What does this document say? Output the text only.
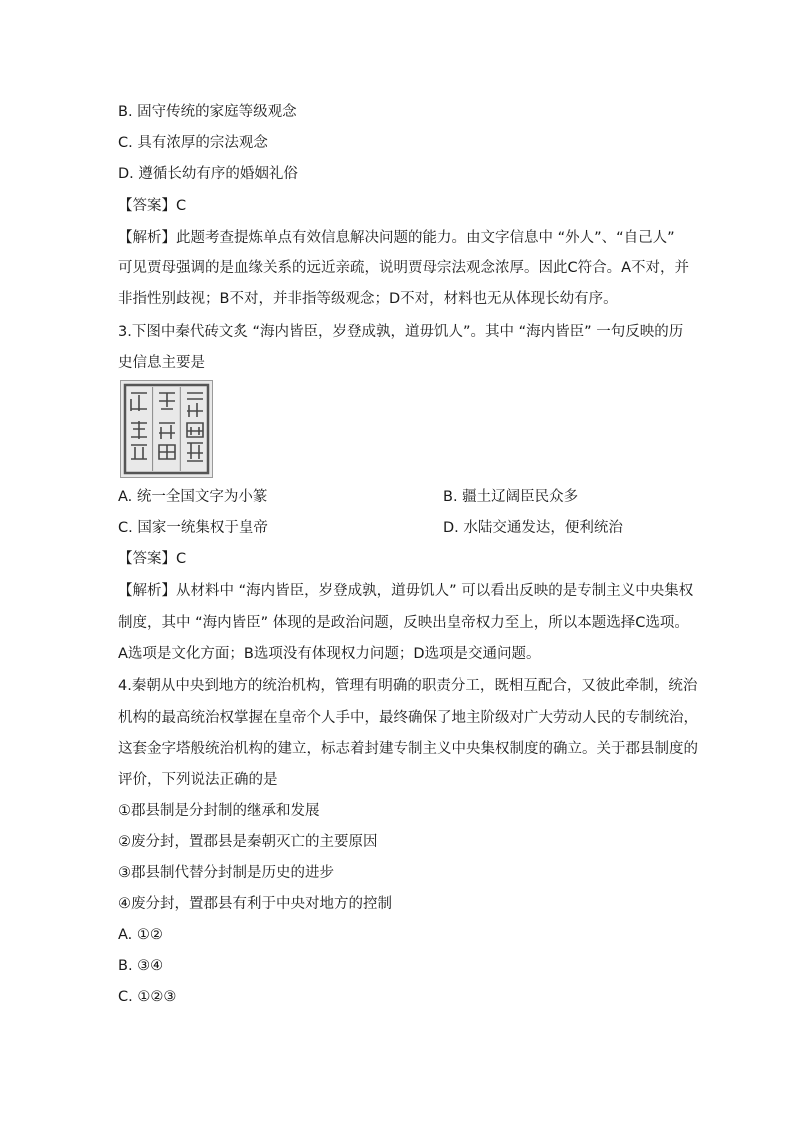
B. 固守传统的家庭等级观念
C. 具有浓厚的宗法观念
D. 遵循长幼有序的婚姻礼俗
【答案】C
【解析】此题考查提炼单点有效信息解决问题的能力。由文字信息中 “外人”、“自己人”
可见贾母强调的是血缘关系的远近亲疏，说明贾母宗法观念浓厚。因此C符合。A不对，并
非指性别歧视；B不对，并非指等级观念；D不对，材料也无从体现长幼有序。
3.下图中秦代砖文炙 “海内皆臣，岁登成孰，道毋饥人”。其中 “海内皆臣” 一句反映的历
史信息主要是
A. 统一全国文字为小篆	B. 疆土辽阔臣民众多
C. 国家一统集权于皇帝	D. 水陆交通发达，便利统治
【答案】C
【解析】从材料中 “海内皆臣，岁登成孰，道毋饥人” 可以看出反映的是专制主义中央集权
制度，其中 “海内皆臣” 体现的是政治问题，反映出皇帝权力至上，所以本题选择C选项。
A选项是文化方面；B选项没有体现权力问题；D选项是交通问题。
4.秦朝从中央到地方的统治机构，管理有明确的职责分工，既相互配合，又彼此牵制，统治
机构的最高统治权掌握在皇帝个人手中，最终确保了地主阶级对广大劳动人民的专制统治，
这套金字塔般统治机构的建立，标志着封建专制主义中央集权制度的确立。关于郡县制度的
评价，下列说法正确的是
①郡县制是分封制的继承和发展
②废分封，置郡县是秦朝灭亡的主要原因
③郡县制代替分封制是历史的进步
④废分封，置郡县有利于中央对地方的控制
A. ①②
B. ③④
C. ①②③
